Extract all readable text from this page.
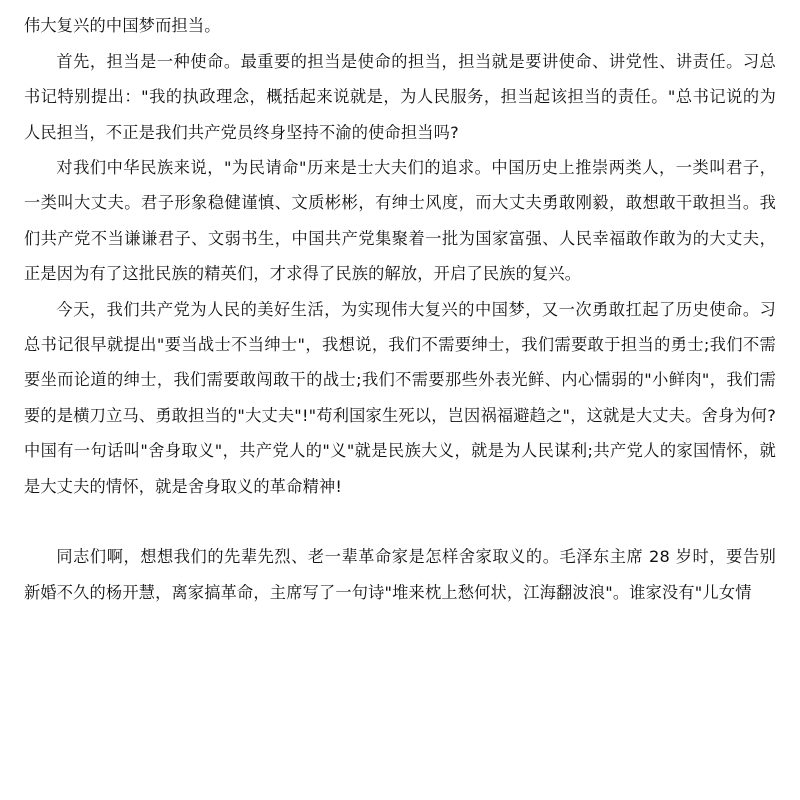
伟大复兴的中国梦而担当。

首先，担当是一种使命。最重要的担当是使命的担当，担当就是要讲使命、讲党性、讲责任。习总书记特别提出："我的执政理念，概括起来说就是，为人民服务，担当起该担当的责任。"总书记说的为人民担当，不正是我们共产党员终身坚持不渝的使命担当吗?

对我们中华民族来说，"为民请命"历来是士大夫们的追求。中国历史上推崇两类人，一类叫君子，一类叫大丈夫。君子形象稳健谨慎、文质彬彬，有绅士风度，而大丈夫勇敢刚毅，敢想敢干敢担当。我们共产党不当谦谦君子、文弱书生，中国共产党集聚着一批为国家富强、人民幸福敢作敢为的大丈夫，正是因为有了这批民族的精英们，才求得了民族的解放，开启了民族的复兴。

今天，我们共产党为人民的美好生活，为实现伟大复兴的中国梦，又一次勇敢扛起了历史使命。习总书记很早就提出"要当战士不当绅士"，我想说，我们不需要绅士，我们需要敢于担当的勇士;我们不需要坐而论道的绅士，我们需要敢闯敢干的战士;我们不需要那些外表光鲜、内心懦弱的"小鲜肉"，我们需要的是横刀立马、勇敢担当的"大丈夫"!"苟利国家生死以，岂因祸福避趋之"，这就是大丈夫。舍身为何?中国有一句话叫"舍身取义"，共产党人的"义"就是民族大义，就是为人民谋利;共产党人的家国情怀，就是大丈夫的情怀，就是舍身取义的革命精神!

同志们啊，想想我们的先辈先烈、老一辈革命家是怎样舍家取义的。毛泽东主席 28 岁时，要告别新婚不久的杨开慧，离家搞革命，主席写了一句诗"堆来枕上愁何状，江海翻波浪"。谁家没有"儿女情
